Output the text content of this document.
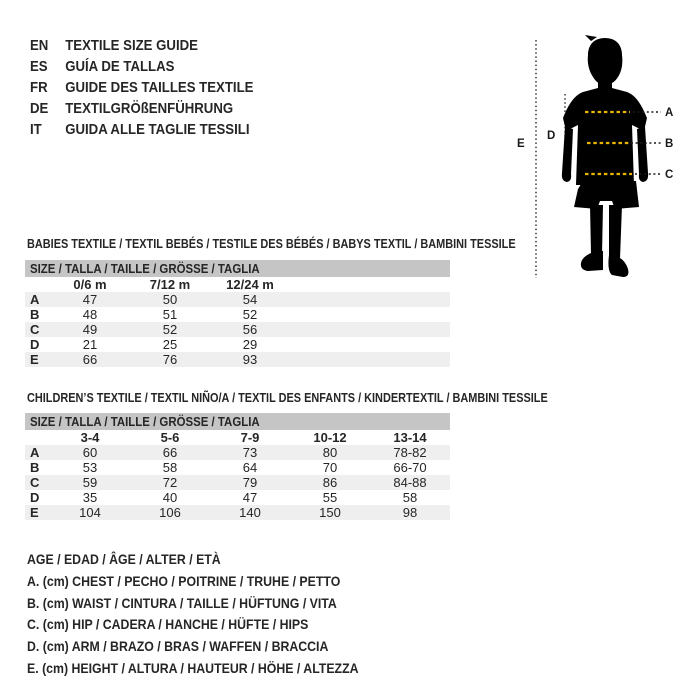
EN	TEXTILE SIZE GUIDE
ES	GUÍA DE TALLAS
FR	GUIDE DES TAILLES TEXTILE
DE	TEXTILGRÖßENFÜHRUNG
IT	GUIDA ALLE TAGLIE TESSILI
A
B
C
D
E
BABIES TEXTILE / TEXTIL BEBÉS / TESTILE DES BÉBÉS / BABYS TEXTIL / BAMBINI TESSILE
SIZE / TALLA / TAILLE / GRÖSSE / TAGLIA
0/6 m	7/12 m	12/24 m
A	47	50	54
B	48	51	52
C	49	52	56
D	21	25	29
E	66	76	93
CHILDREN’S TEXTILE / TEXTIL NIÑO/A / TEXTIL DES ENFANTS / KINDERTEXTIL / BAMBINI TESSILE
SIZE / TALLA / TAILLE / GRÖSSE / TAGLIA
3-4	5-6	7-9	10-12	13-14
A	60	66	73	80	78-82
B	53	58	64	70	66-70
C	59	72	79	86	84-88
D	35	40	47	55	58
E	104	106	140	150	98
AGE / EDAD / ÂGE / ALTER / ETÀ
A. (cm) CHEST / PECHO / POITRINE / TRUHE / PETTO
B. (cm) WAIST / CINTURA / TAILLE / HÜFTUNG / VITA
C. (cm) HIP / CADERA / HANCHE / HÜFTE / HIPS
D. (cm) ARM / BRAZO / BRAS / WAFFEN / BRACCIA
E. (cm) HEIGHT / ALTURA / HAUTEUR / HÖHE / ALTEZZA
